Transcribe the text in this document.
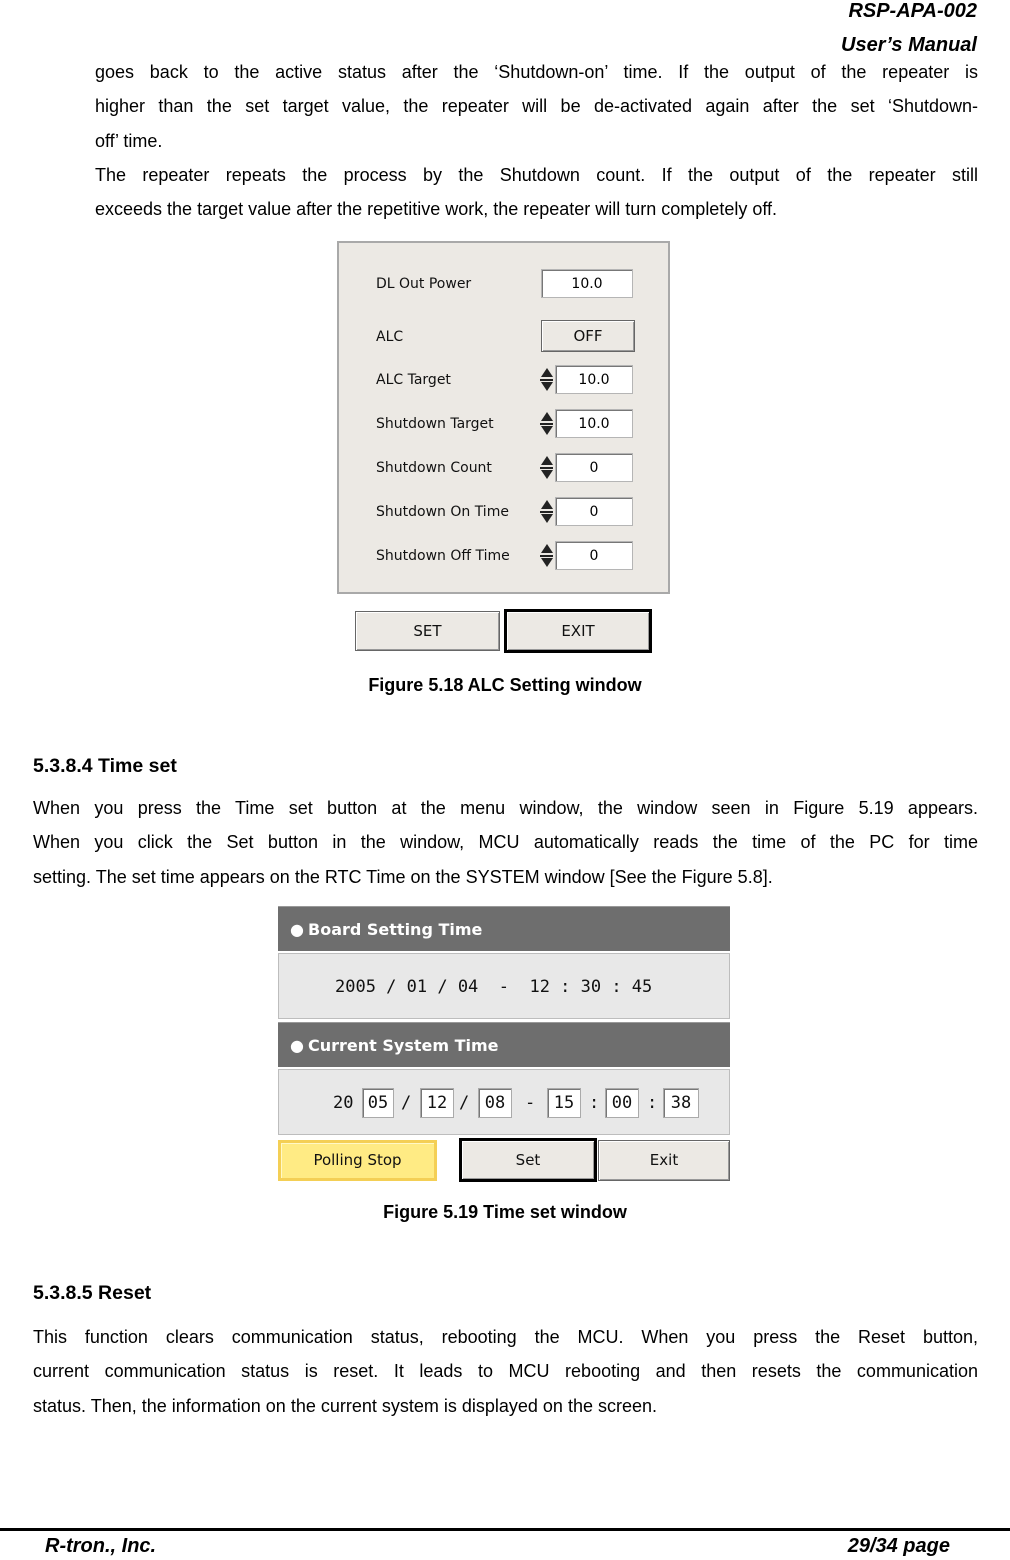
RSP-APA-002
User’s Manual
goes back to the active status after the ‘Shutdown-on’ time. If the output of the repeater is
higher than the set target value, the repeater will be de-activated again after the set ‘Shutdown-
off’ time.
The repeater repeats the process by the Shutdown count. If the output of the repeater still
exceeds the target value after the repetitive work, the repeater will turn completely off.
DL Out Power	10.0
ALC	OFF
ALC Target	10.0
Shutdown Target	10.0
Shutdown Count	0
Shutdown On Time	0
Shutdown Off Time	0
SET	EXIT
Figure 5.18 ALC Setting window
5.3.8.4 Time set
When you press the Time set button at the menu window, the window seen in Figure 5.19 appears.
When you click the Set button in the window, MCU automatically reads the time of the PC for time
setting. The set time appears on the RTC Time on the SYSTEM window [See the Figure 5.8].
● Board Setting Time
2005 / 01 / 04  -  12 : 30 : 45
● Current System Time
20 05 / 12 / 08	-	15 : 00 : 38
Polling Stop	Set	Exit
Figure 5.19 Time set window
5.3.8.5 Reset
This function clears communication status, rebooting the MCU. When you press the Reset button,
current communication status is reset. It leads to MCU rebooting and then resets the communication
status. Then, the information on the current system is displayed on the screen.
R-tron., Inc.	29/34 page
